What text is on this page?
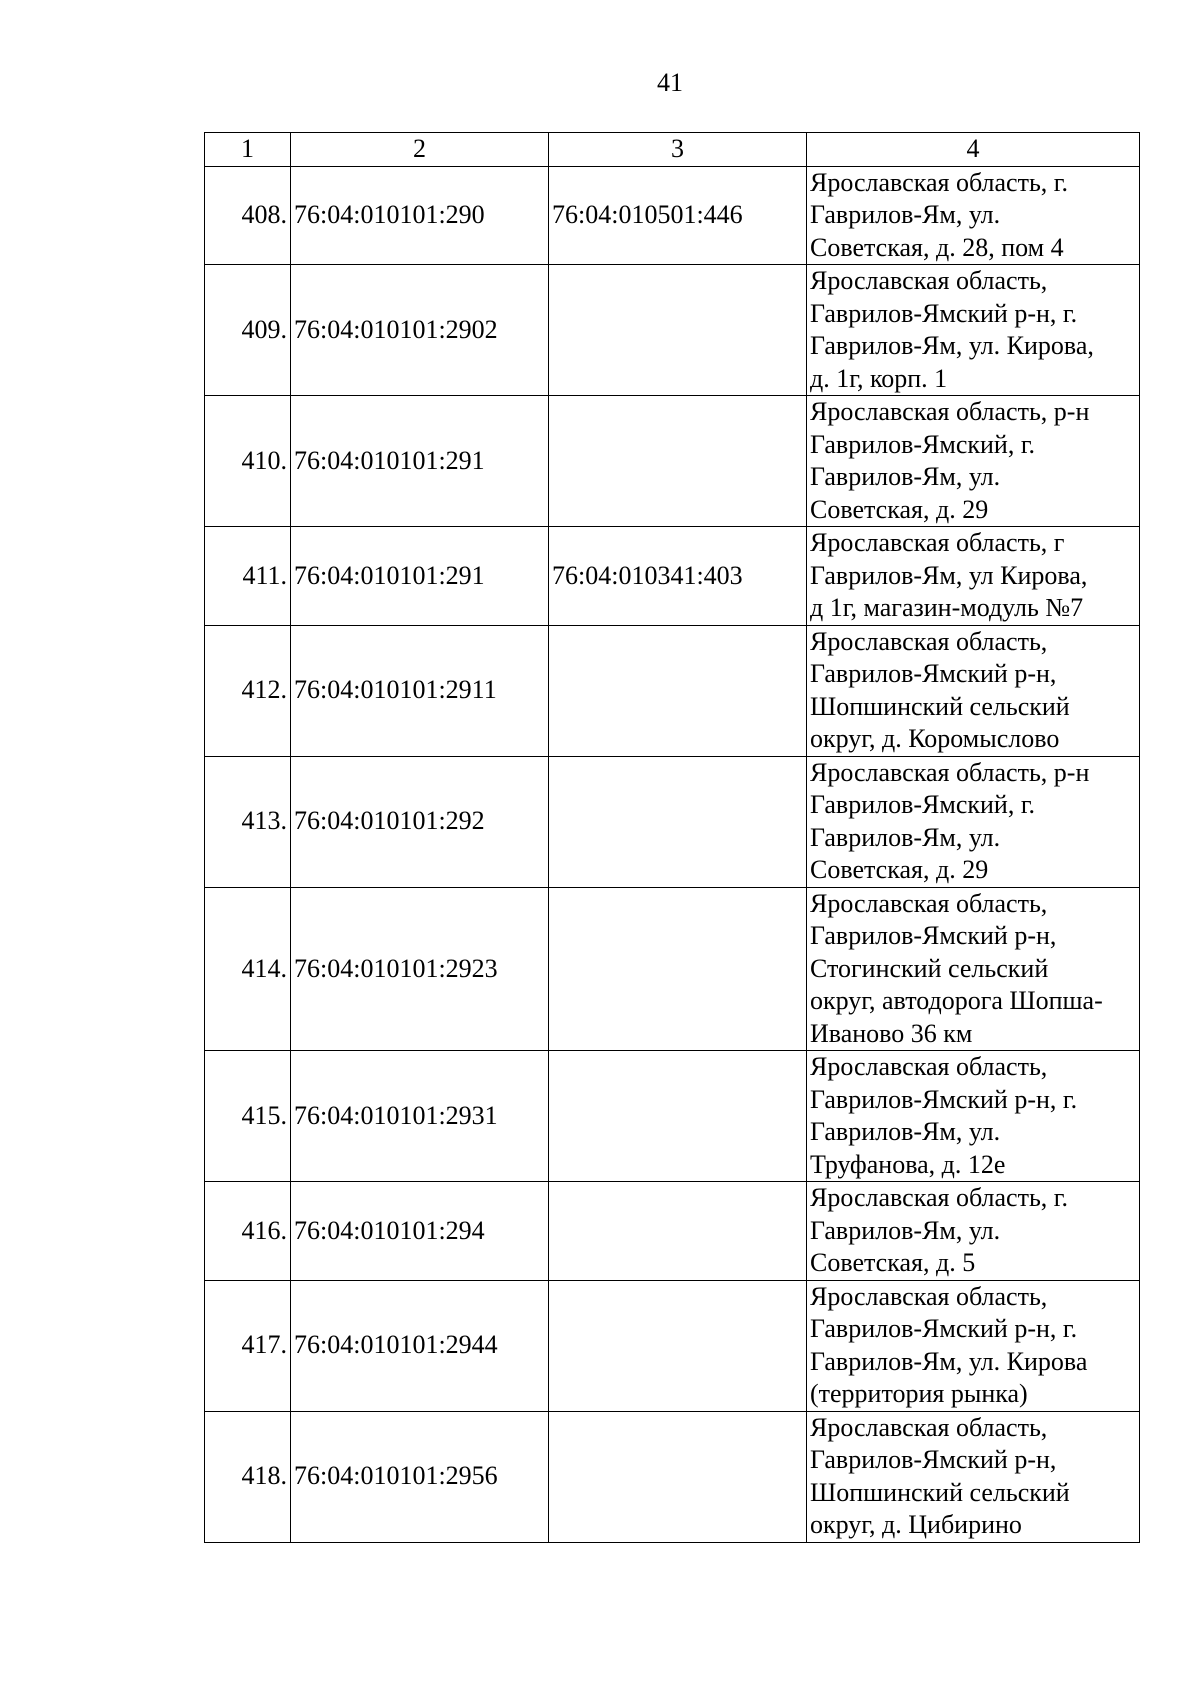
41
1	2	3	4
408.	76:04:010101:290	76:04:010501:446	Ярославская область, г.
Гаврилов-Ям, ул.
Советская, д. 28, пом 4

409.	76:04:010101:2902		Ярославская область,
Гаврилов-Ямский р-н, г.
Гаврилов-Ям, ул. Кирова,
д. 1г, корп. 1

410.	76:04:010101:291		Ярославская область, р-н
Гаврилов-Ямский, г.
Гаврилов-Ям, ул.
Советская, д. 29

411.	76:04:010101:291	76:04:010341:403	Ярославская область, г
Гаврилов-Ям, ул Кирова,
д 1г, магазин-модуль №7

412.	76:04:010101:2911		Ярославская область,
Гаврилов-Ямский р-н,
Шопшинский сельский
округ, д. Коромыслово

413.	76:04:010101:292		Ярославская область, р-н
Гаврилов-Ямский, г.
Гаврилов-Ям, ул.
Советская, д. 29

414.	76:04:010101:2923		Ярославская область,
Гаврилов-Ямский р-н,
Стогинский сельский
округ, автодорога Шопша-
Иваново 36 км

415.	76:04:010101:2931		Ярославская область,
Гаврилов-Ямский р-н, г.
Гаврилов-Ям, ул.
Труфанова, д. 12е

416.	76:04:010101:294		Ярославская область, г.
Гаврилов-Ям, ул.
Советская, д. 5

417.	76:04:010101:2944		Ярославская область,
Гаврилов-Ямский р-н, г.
Гаврилов-Ям, ул. Кирова
(территория рынка)

418.	76:04:010101:2956		Ярославская область,
Гаврилов-Ямский р-н,
Шопшинский сельский
округ, д. Цибирино
